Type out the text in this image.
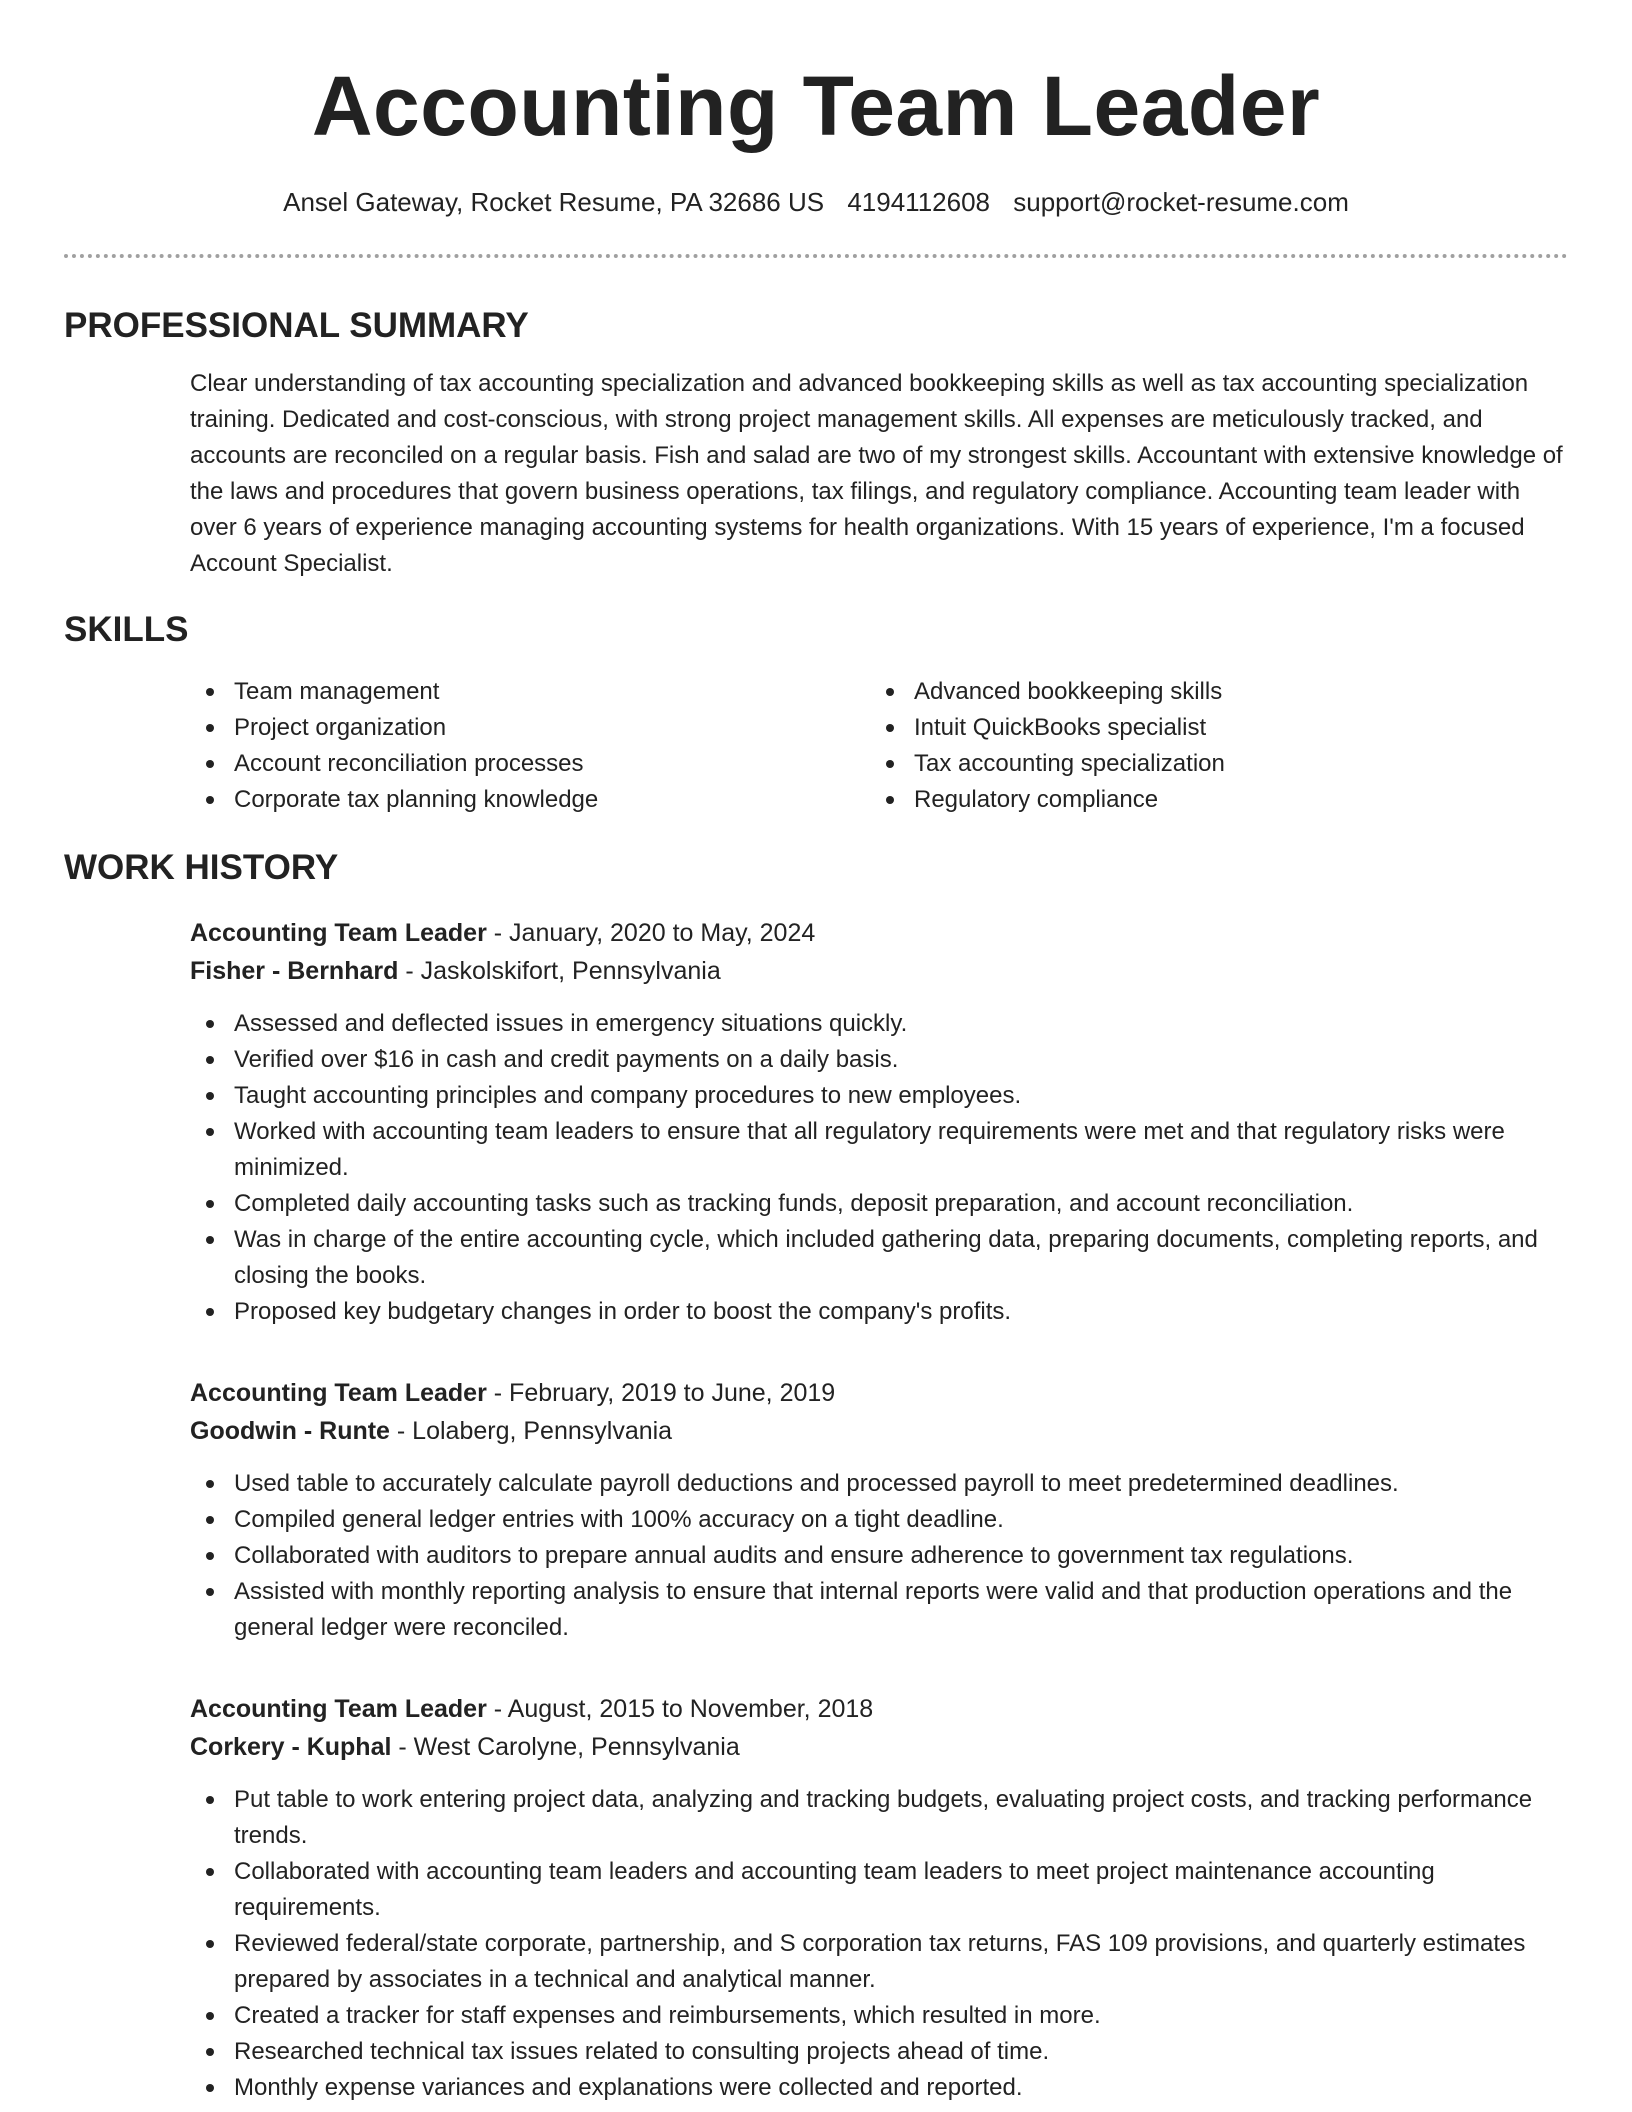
Accounting Team Leader
Ansel Gateway, Rocket Resume, PA 32686 US 4194112608 support@rocket-resume.com
PROFESSIONAL SUMMARY
Clear understanding of tax accounting specialization and advanced bookkeeping skills as well as tax accounting specialization training. Dedicated and cost-conscious, with strong project management skills. All expenses are meticulously tracked, and accounts are reconciled on a regular basis. Fish and salad are two of my strongest skills. Accountant with extensive knowledge of the laws and procedures that govern business operations, tax filings, and regulatory compliance. Accounting team leader with over 6 years of experience managing accounting systems for health organizations. With 15 years of experience, I'm a focused Account Specialist.
SKILLS
Team management
Project organization
Account reconciliation processes
Corporate tax planning knowledge
Advanced bookkeeping skills
Intuit QuickBooks specialist
Tax accounting specialization
Regulatory compliance
WORK HISTORY
Accounting Team Leader - January, 2020 to May, 2024
Fisher - Bernhard - Jaskolskifort, Pennsylvania
Assessed and deflected issues in emergency situations quickly.
Verified over $16 in cash and credit payments on a daily basis.
Taught accounting principles and company procedures to new employees.
Worked with accounting team leaders to ensure that all regulatory requirements were met and that regulatory risks were minimized.
Completed daily accounting tasks such as tracking funds, deposit preparation, and account reconciliation.
Was in charge of the entire accounting cycle, which included gathering data, preparing documents, completing reports, and closing the books.
Proposed key budgetary changes in order to boost the company's profits.
Accounting Team Leader - February, 2019 to June, 2019
Goodwin - Runte - Lolaberg, Pennsylvania
Used table to accurately calculate payroll deductions and processed payroll to meet predetermined deadlines.
Compiled general ledger entries with 100% accuracy on a tight deadline.
Collaborated with auditors to prepare annual audits and ensure adherence to government tax regulations.
Assisted with monthly reporting analysis to ensure that internal reports were valid and that production operations and the general ledger were reconciled.
Accounting Team Leader - August, 2015 to November, 2018
Corkery - Kuphal - West Carolyne, Pennsylvania
Put table to work entering project data, analyzing and tracking budgets, evaluating project costs, and tracking performance trends.
Collaborated with accounting team leaders and accounting team leaders to meet project maintenance accounting requirements.
Reviewed federal/state corporate, partnership, and S corporation tax returns, FAS 109 provisions, and quarterly estimates prepared by associates in a technical and analytical manner.
Created a tracker for staff expenses and reimbursements, which resulted in more.
Researched technical tax issues related to consulting projects ahead of time.
Monthly expense variances and explanations were collected and reported.
